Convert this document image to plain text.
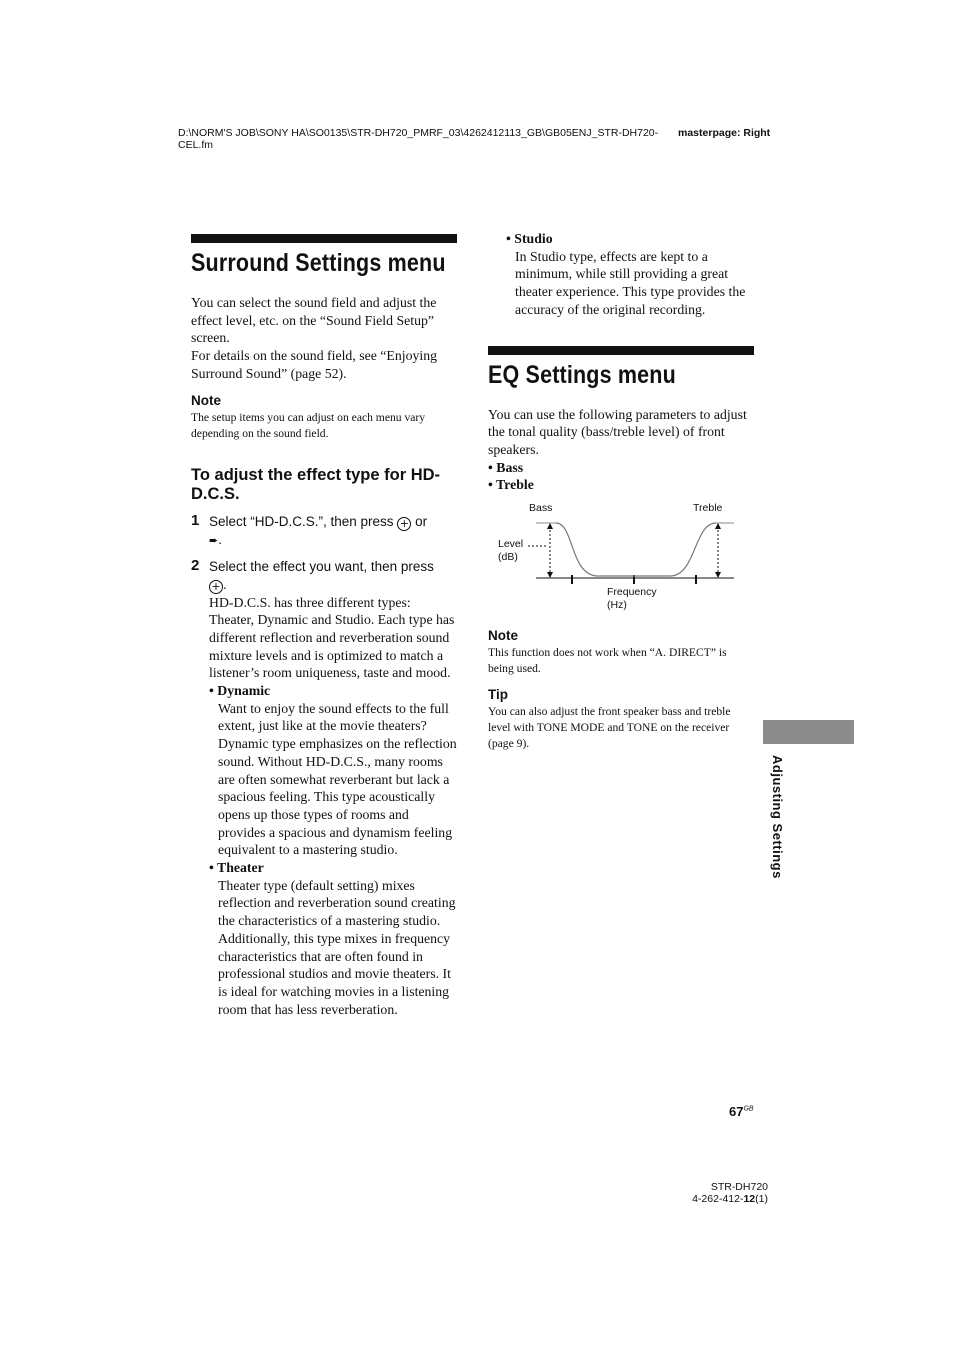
D:\NORM'S JOB\SONY HA\SO0135\STR-DH720_PMRF_03\4262412113_GB\GB05ENJ_STR-DH720-CEL.fm
masterpage: Right
Surround Settings menu

You can select the sound field and adjust the effect level, etc. on the “Sound Field Setup” screen.

For details on the sound field, see “Enjoying Surround Sound” (page 52).

Note

The setup items you can adjust on each menu vary depending on the sound field.

To adjust the effect type for HD-D.C.S.
1 Select “HD-D.C.S.”, then press + or
➨.
2 Select the effect you want, then press
+ .

HD-D.C.S. has three different types: Theater, Dynamic and Studio. Each type has different reflection and reverberation sound mixture levels and is optimized to match a listener’s room uniqueness, taste and mood.

• Dynamic
Want to enjoy the sound effects to the full extent, just like at the movie theaters? Dynamic type emphasizes on the reflection sound. Without HD-D.C.S., many rooms are often somewhat reverberant but lack a spacious feeling. This type acoustically opens up those types of rooms and provides a spacious and dynamism feeling equivalent to a mastering studio.
• Theater
Theater type (default setting) mixes reflection and reverberation sound creating the characteristics of a mastering studio. Additionally, this type mixes in frequency characteristics that are often found in professional studios and movie theaters. It is ideal for watching movies in a listening room that has less reverberation.
• Studio
In Studio type, effects are kept to a minimum, while still providing a great theater experience. This type provides the accuracy of the original recording.
EQ Settings menu

You can use the following parameters to adjust the tonal quality (bass/treble level) of front speakers.

• Bass
• Treble
Bass	Treble
Level
(dB)
Frequency
(Hz)
Note

This function does not work when “A. DIRECT” is being used.

Tip

You can also adjust the front speaker bass and treble level with TONE MODE and TONE on the receiver (page 9).

Adjusting Settings
$67^{GB}$
STR-DH720
4-262-412-12(1)
